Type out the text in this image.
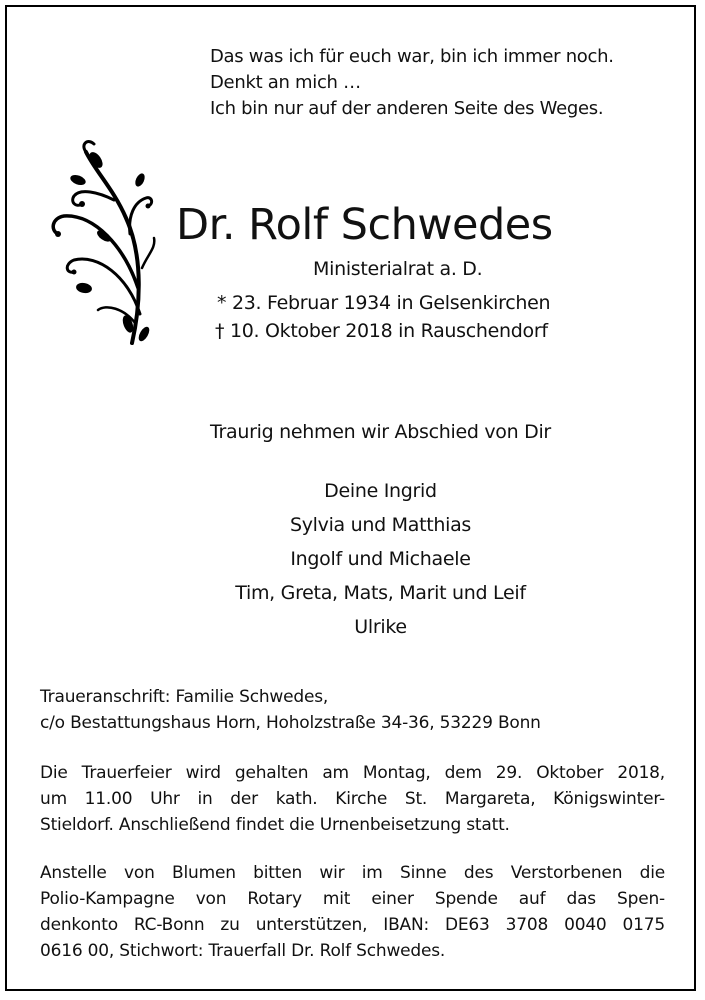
Das was ich für euch war, bin ich immer noch.
Denkt an mich …
Ich bin nur auf der anderen Seite des Weges.
Dr. Rolf Schwedes
Ministerialrat a. D.
* 23. Februar 1934 in Gelsenkirchen
† 10. Oktober 2018 in Rauschendorf
Traurig nehmen wir Abschied von Dir
Deine Ingrid
Sylvia und Matthias
Ingolf und Michaele
Tim, Greta, Mats, Marit und Leif
Ulrike
Traueranschrift: Familie Schwedes,
c/o Bestattungshaus Horn, Hoholzstraße 34-36, 53229 Bonn
Die Trauerfeier wird gehalten am Montag, dem 29. Oktober 2018,
um 11.00 Uhr in der kath. Kirche St. Margareta, Königswinter-
Stieldorf. Anschließend findet die Urnenbeisetzung statt.
Anstelle von Blumen bitten wir im Sinne des Verstorbenen die
Polio-Kampagne von Rotary mit einer Spende auf das Spen-
denkonto RC-Bonn zu unterstützen, IBAN: DE63 3708 0040 0175
0616 00, Stichwort: Trauerfall Dr. Rolf Schwedes.
